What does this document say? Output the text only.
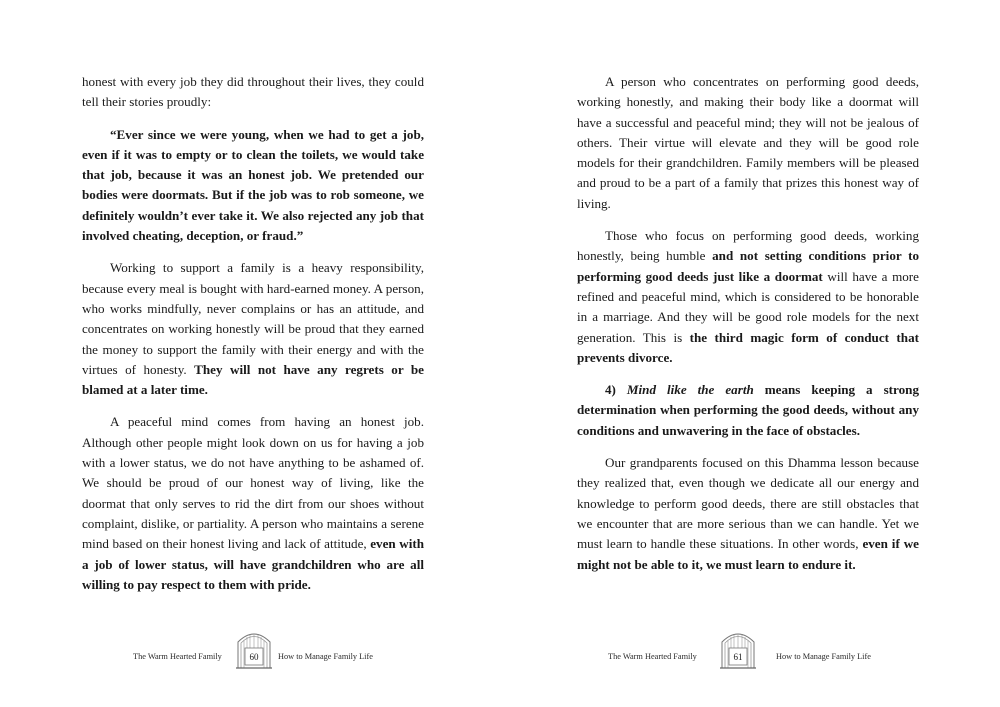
honest with every job they did throughout their lives, they could tell their stories proudly:

“Ever since we were young, when we had to get a job, even if it was to empty or to clean the toilets, we would take that job, because it was an honest job. We pretended our bodies were doormats. But if the job was to rob someone, we definitely wouldn’t ever take it. We also rejected any job that involved cheating, deception, or fraud.”

Working to support a family is a heavy responsibility, because every meal is bought with hard-earned money. A person, who works mindfully, never complains or has an attitude, and concentrates on working honestly will be proud that they earned the money to support the family with their energy and with the virtues of honesty. They will not have any regrets or be blamed at a later time.

A peaceful mind comes from having an honest job. Although other people might look down on us for having a job with a lower status, we do not have anything to be ashamed of. We should be proud of our honest way of living, like the doormat that only serves to rid the dirt from our shoes without complaint, dislike, or partiality. A person who maintains a serene mind based on their honest living and lack of attitude, even with a job of lower status, will have grandchildren who are all willing to pay respect to them with pride.

The Warm Hearted Family	60	How to Manage Family Life

A person who concentrates on performing good deeds, working honestly, and making their body like a doormat will have a successful and peaceful mind; they will not be jealous of others. Their virtue will elevate and they will be good role models for their grandchildren. Family members will be pleased and proud to be a part of a family that prizes this honest way of living.

Those who focus on performing good deeds, working honestly, being humble and not setting conditions prior to performing good deeds just like a doormat will have a more refined and peaceful mind, which is considered to be honorable in a marriage. And they will be good role models for the next generation. This is the third magic form of conduct that prevents divorce.

4) Mind like the earth means keeping a strong determination when performing the good deeds, without any conditions and unwavering in the face of obstacles.

Our grandparents focused on this Dhamma lesson because they realized that, even though we dedicate all our energy and knowledge to perform good deeds, there are still obstacles that we encounter that are more serious than we can handle. Yet we must learn to handle these situations. In other words, even if we might not be able to it, we must learn to endure it.

The Warm Hearted Family	61	How to Manage Family Life
